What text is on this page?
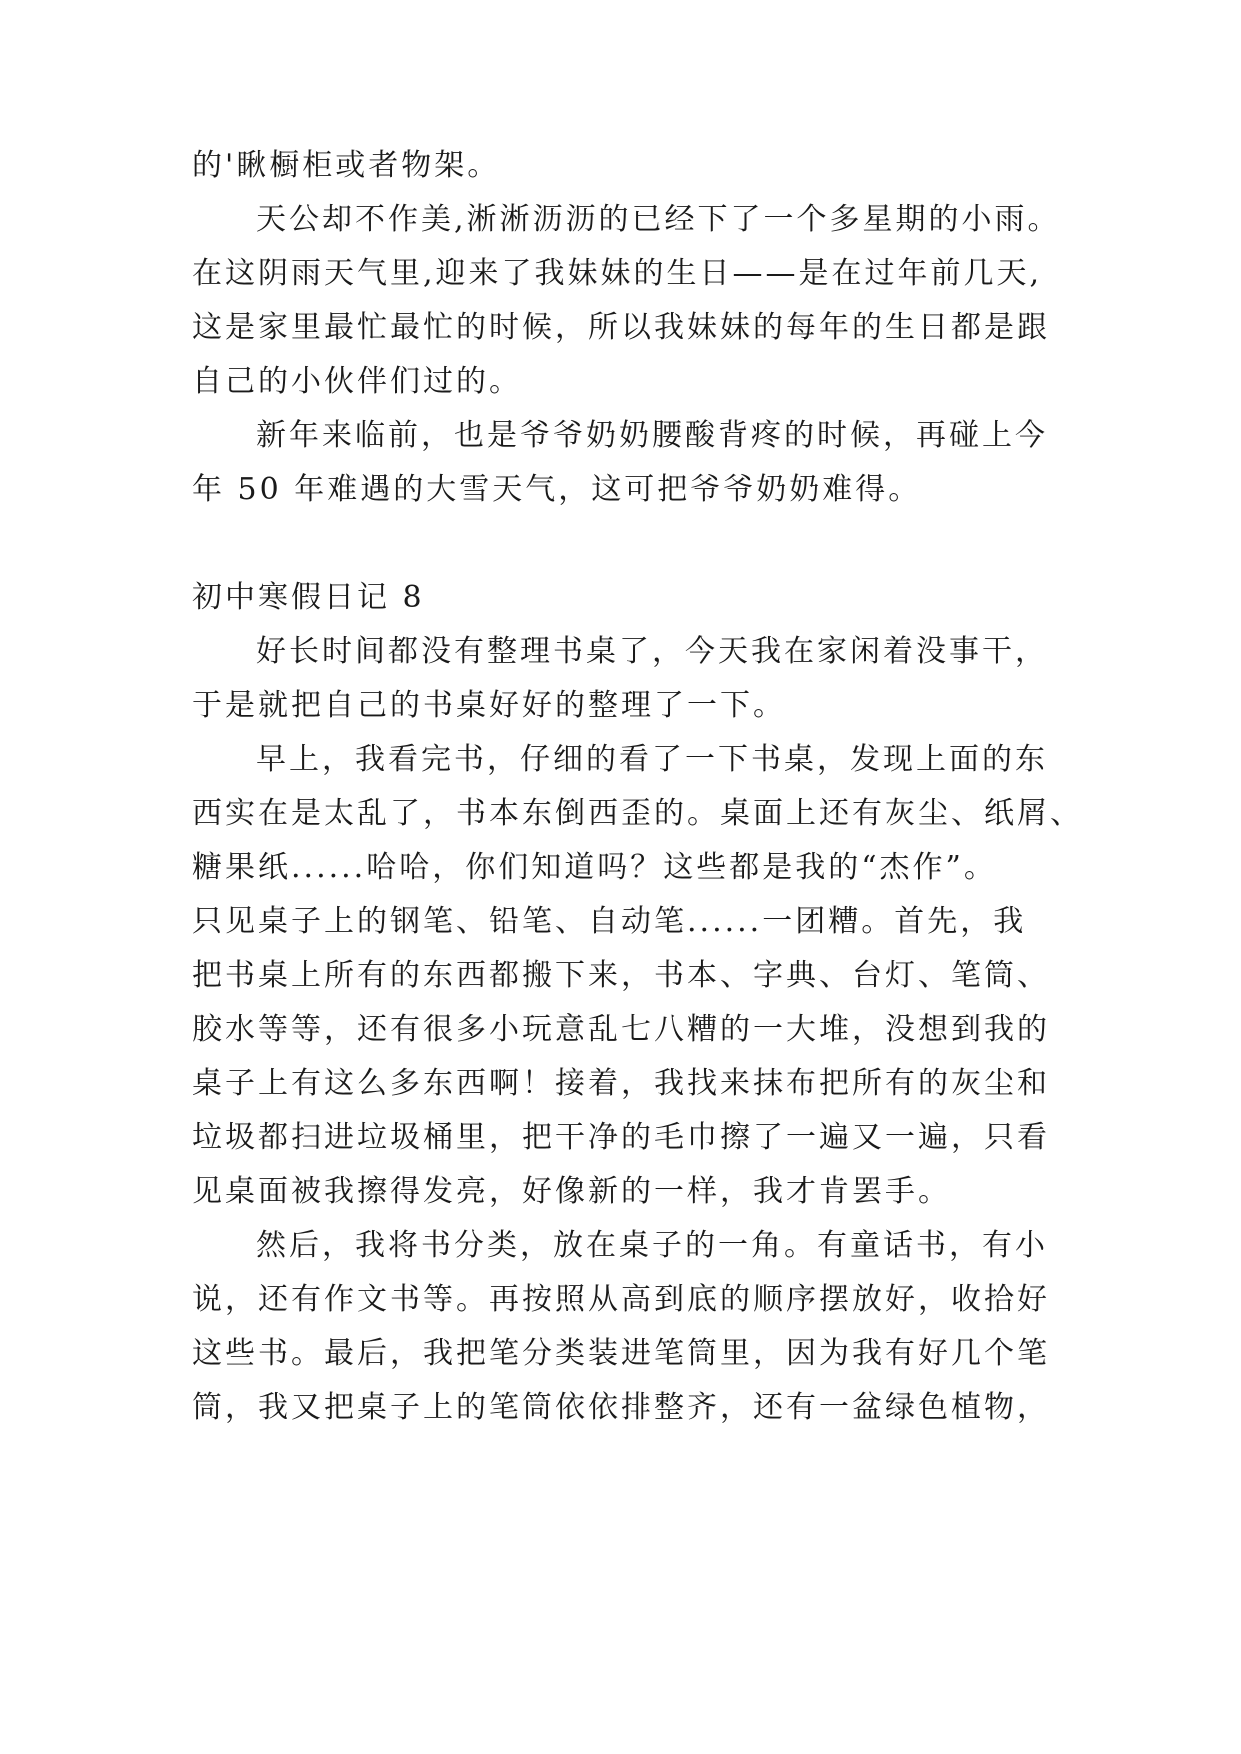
的'瞅橱柜或者物架。
天公却不作美,淅淅沥沥的已经下了一个多星期的小雨。
在这阴雨天气里,迎来了我妹妹的生日——是在过年前几天,
这是家里最忙最忙的时候，所以我妹妹的每年的生日都是跟
自己的小伙伴们过的。
新年来临前，也是爷爷奶奶腰酸背疼的时候，再碰上今
年 50 年难遇的大雪天气，这可把爷爷奶奶难得。
初中寒假日记 8
好长时间都没有整理书桌了，今天我在家闲着没事干，
于是就把自己的书桌好好的整理了一下。
早上，我看完书，仔细的看了一下书桌，发现上面的东
西实在是太乱了，书本东倒西歪的。桌面上还有灰尘、纸屑、
糖果纸......哈哈，你们知道吗？这些都是我的“杰作”。
只见桌子上的钢笔、铅笔、自动笔......一团糟。首先，我
把书桌上所有的东西都搬下来，书本、字典、台灯、笔筒、
胶水等等，还有很多小玩意乱七八糟的一大堆，没想到我的
桌子上有这么多东西啊！接着，我找来抹布把所有的灰尘和
垃圾都扫进垃圾桶里，把干净的毛巾擦了一遍又一遍，只看
见桌面被我擦得发亮，好像新的一样，我才肯罢手。
然后，我将书分类，放在桌子的一角。有童话书，有小
说，还有作文书等。再按照从高到底的顺序摆放好，收拾好
这些书。最后，我把笔分类装进笔筒里，因为我有好几个笔
筒，我又把桌子上的笔筒依依排整齐，还有一盆绿色植物，
